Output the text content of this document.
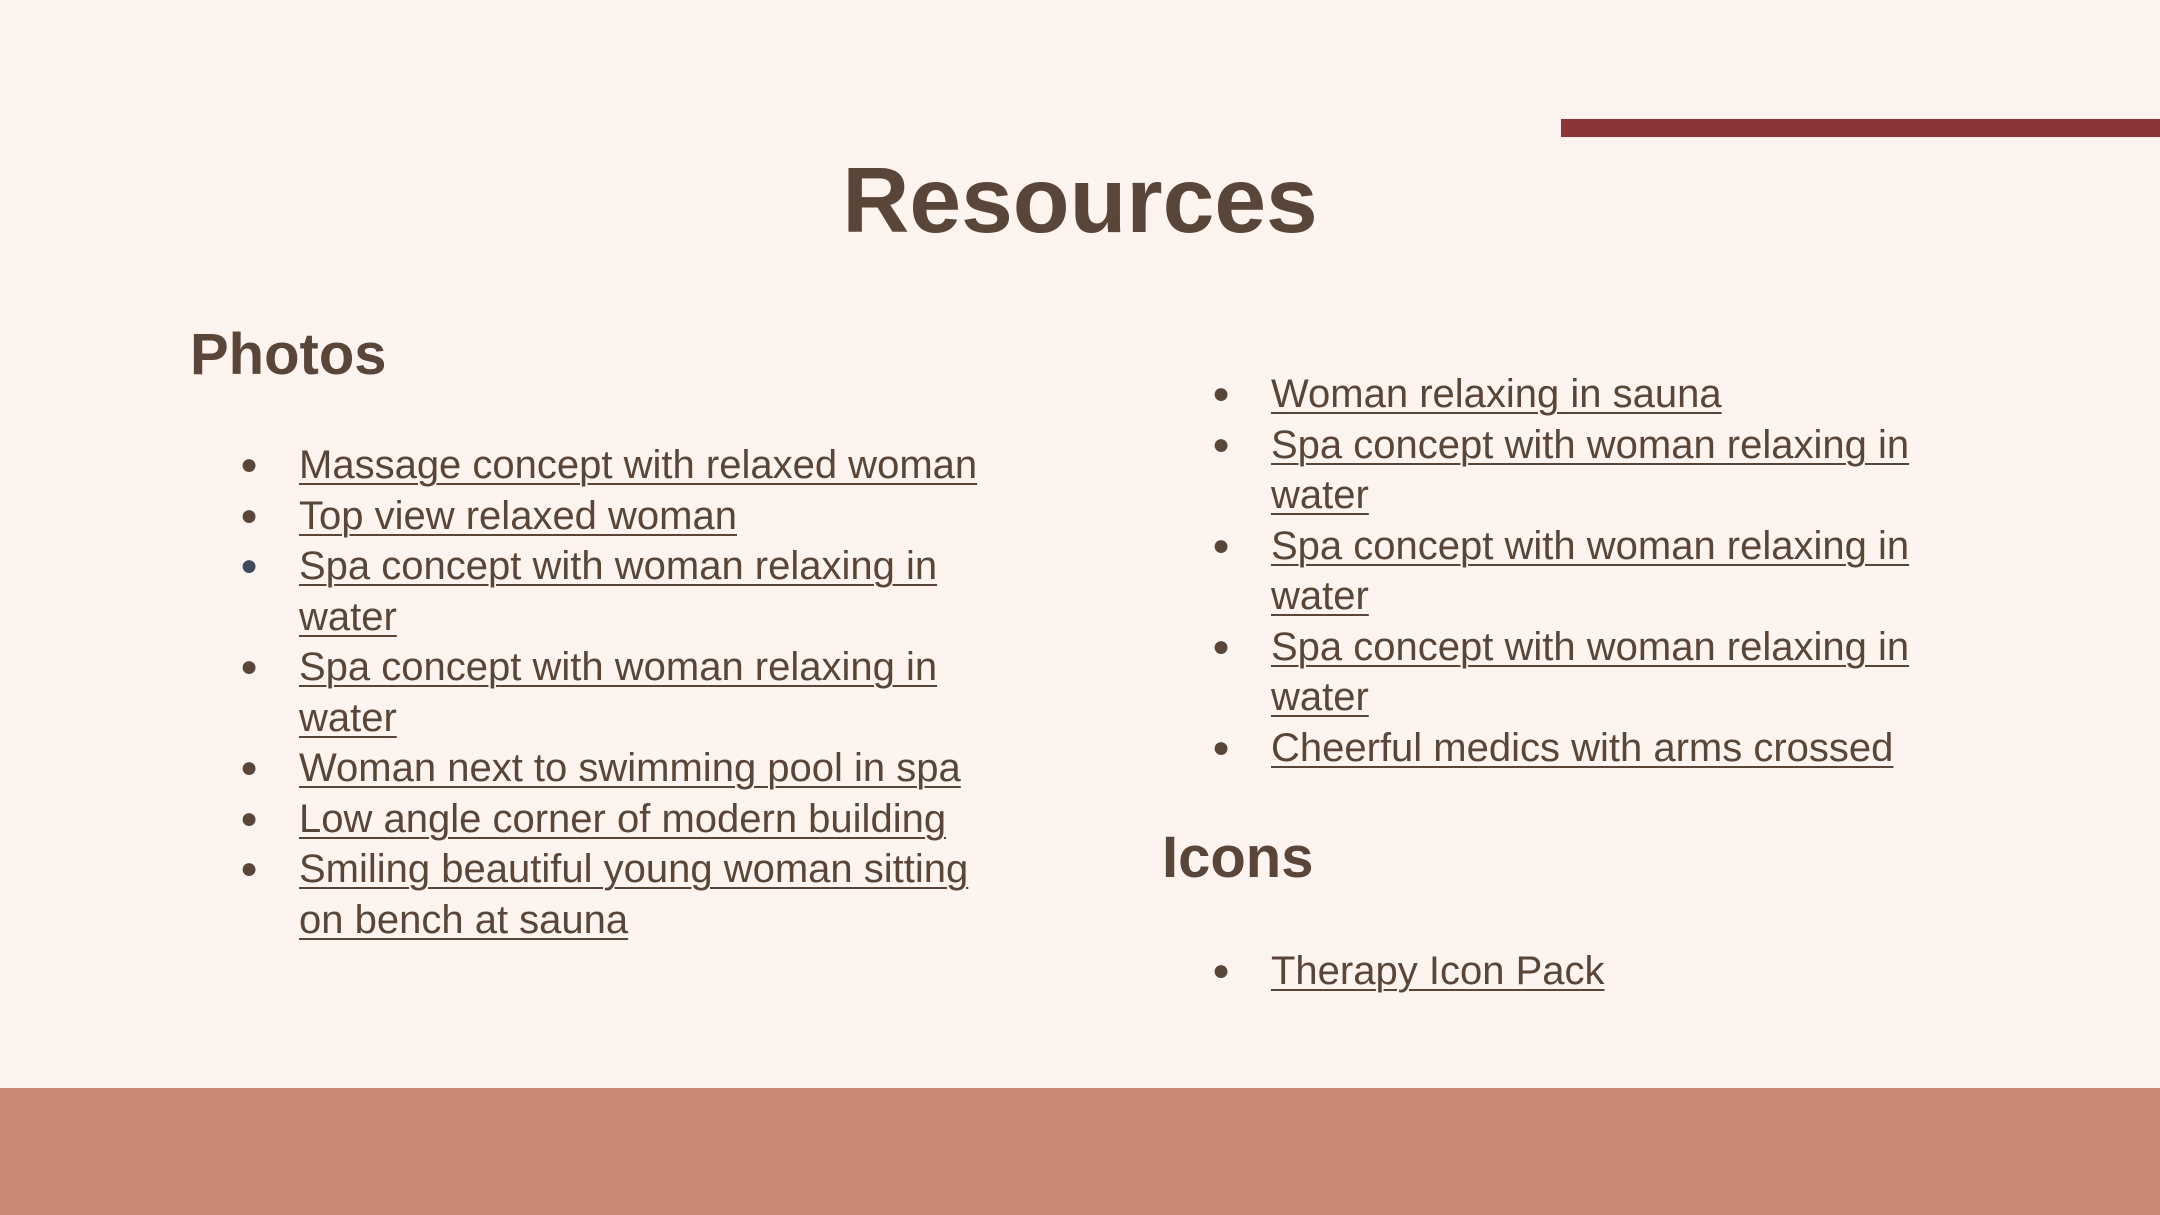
Resources
Photos
● Massage concept with relaxed woman
● Top view relaxed woman
● Spa concept with woman relaxing in water
● Spa concept with woman relaxing in water
● Woman next to swimming pool in spa
● Low angle corner of modern building
● Smiling beautiful young woman sitting on bench at sauna
● Woman relaxing in sauna
● Spa concept with woman relaxing in water
● Spa concept with woman relaxing in water
● Spa concept with woman relaxing in water
● Cheerful medics with arms crossed
Icons
● Therapy Icon Pack
